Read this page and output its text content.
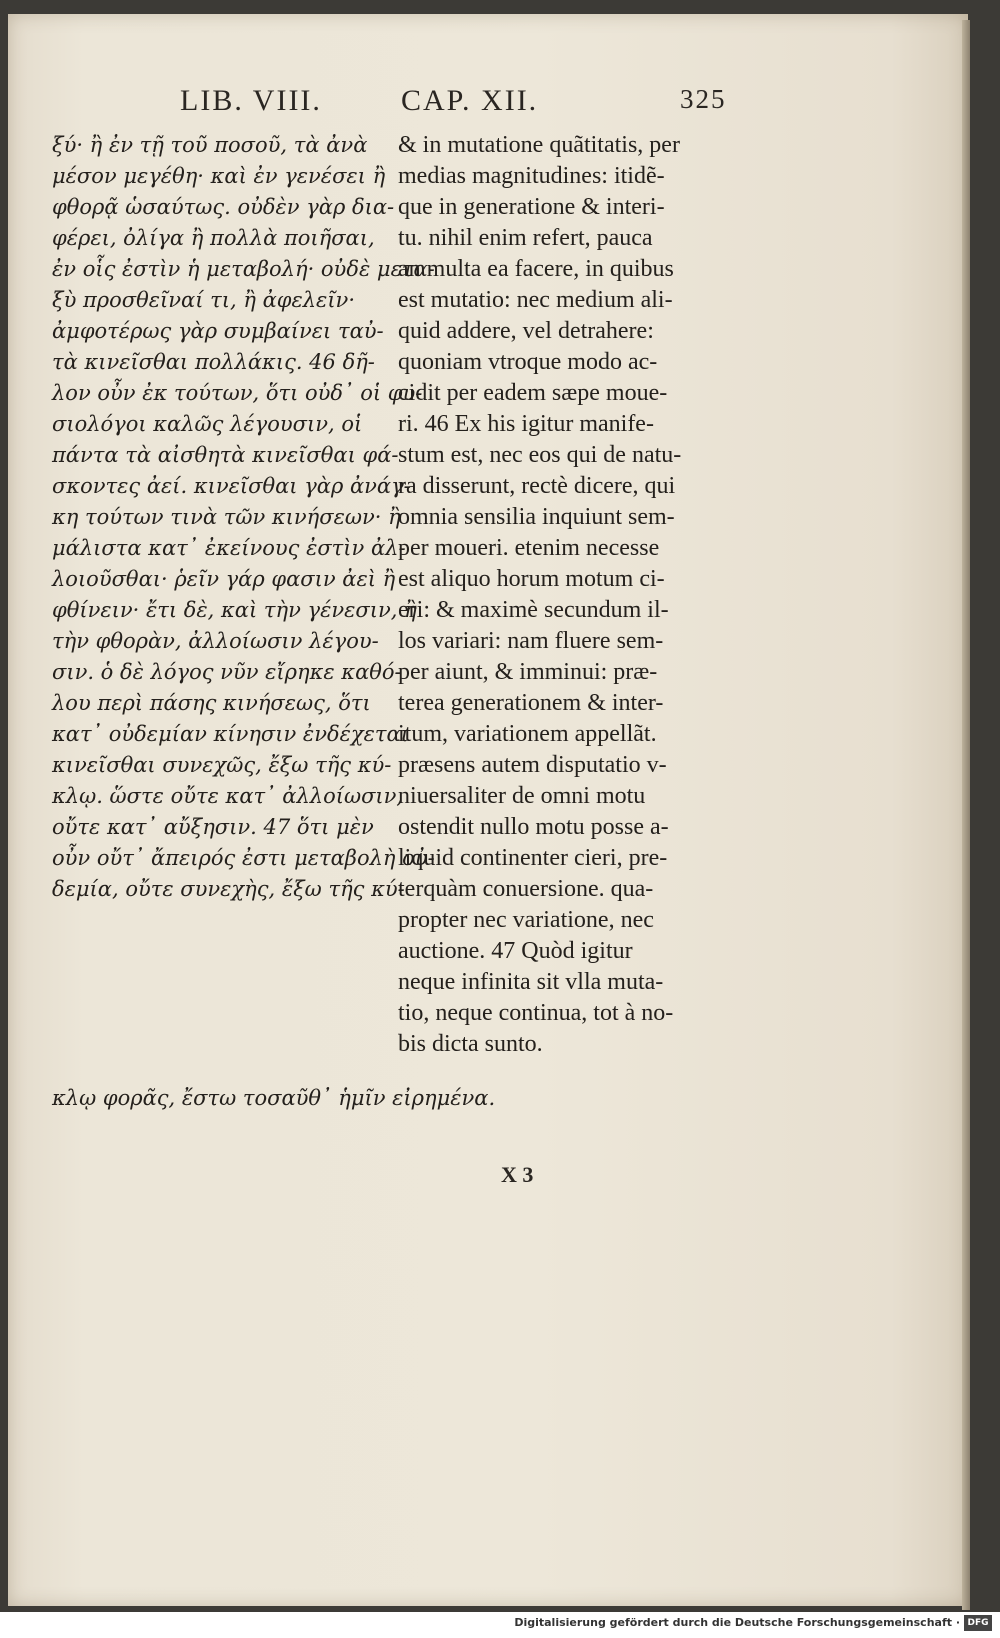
LIB. VIII.	CAP. XII.	325
ξύ· ἢ ἐν τῇ τοῦ ποσοῦ, τὰ ἀνὰ
μέσον μεγέθη· καὶ ἐν γενέσει ἢ
φθορᾷ ὡσαύτως. οὐδὲν γὰρ δια-
φέρει, ὀλίγα ἢ πολλὰ ποιῆσαι,
ἐν οἷς ἐστὶν ἡ μεταβολή· οὐδὲ μετα-
ξὺ προσθεῖναί τι, ἢ ἀφελεῖν·
ἀμφοτέρως γὰρ συμβαίνει ταὐ-
τὰ κινεῖσθαι πολλάκις. 46 δῆ-
λον οὖν ἐκ τούτων, ὅτι οὐδ᾽ οἱ φυ-
σιολόγοι καλῶς λέγουσιν, οἱ
πάντα τὰ αἰσθητὰ κινεῖσθαι φά-
σκοντες ἀεί. κινεῖσθαι γὰρ ἀνάγ-
κη τούτων τινὰ τῶν κινήσεων· ἢ
μάλιστα κατ᾽ ἐκείνους ἐστὶν ἀλ-
λοιοῦσθαι· ῥεῖν γάρ φασιν ἀεὶ ἢ
φθίνειν· ἔτι δὲ, καὶ τὴν γένεσιν, ἢ
τὴν φθορὰν, ἀλλοίωσιν λέγου-
σιν. ὁ δὲ λόγος νῦν εἴρηκε καθό-
λου περὶ πάσης κινήσεως, ὅτι
κατ᾽ οὐδεμίαν κίνησιν ἐνδέχεται
κινεῖσθαι συνεχῶς, ἔξω τῆς κύ-
κλῳ. ὥστε οὔτε κατ᾽ ἀλλοίωσιν,
οὔτε κατ᾽ αὔξησιν. 47 ὅτι μὲν
οὖν οὔτ᾽ ἄπειρός ἐστι μεταβολὴ οὐ-
δεμία, οὔτε συνεχὴς, ἔξω τῆς κύ-
& in mutatione quãtitatis, per
medias magnitudines: itidẽ-
que in generatione & interi-
tu. nihil enim refert, pauca
an multa ea facere, in quibus
est mutatio: nec medium ali-
quid addere, vel detrahere:
quoniam vtroque modo ac-
cidit per eadem sæpe moue-
ri. 46 Ex his igitur manife-
stum est, nec eos qui de natu-
ra disserunt, rectè dicere, qui
omnia sensilia inquiunt sem-
per moueri. etenim necesse
est aliquo horum motum ci-
eri: & maximè secundum il-
los variari: nam fluere sem-
per aiunt, & imminui: præ-
terea generationem & inter-
itum, variationem appellãt.
præsens autem disputatio v-
niuersaliter de omni motu
ostendit nullo motu posse a-
liquid continenter cieri, pre-
terquàm conuersione. qua-
propter nec variatione, nec
auctione. 47 Quòd igitur
neque infinita sit vlla muta-
tio, neque continua, tot à no-
bis dicta sunto.
κλῳ φορᾶς, ἔστω τοσαῦθ᾽ ἡμῖν εἰρημένα.
X 3
Digitalisierung gefördert durch die Deutsche Forschungsgemeinschaft · DFG
